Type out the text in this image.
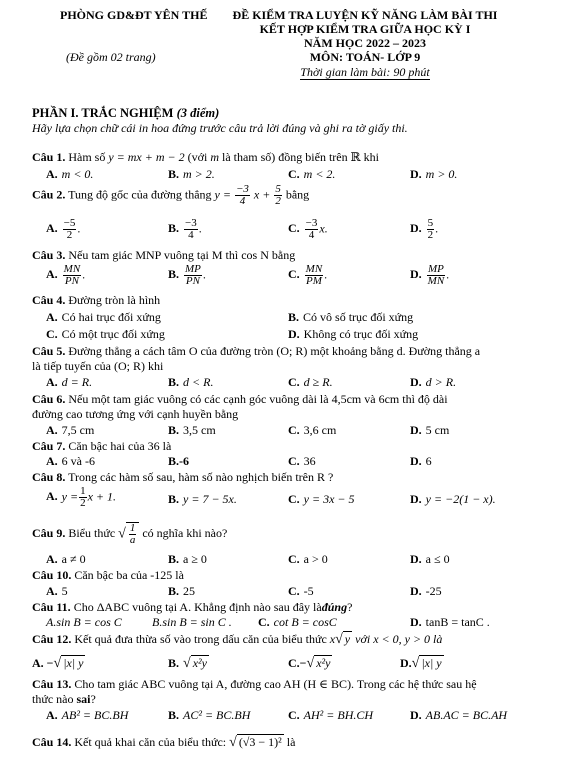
PHÒNG GD&ĐT YÊN THẾ
(Đề gồm 02 trang)
ĐỀ KIỂM TRA LUYỆN KỸ NĂNG LÀM BÀI THI
KẾT HỢP KIỂM TRA GIỮA HỌC KỲ I
NĂM HỌC 2022 – 2023
MÔN: TOÁN- LỚP 9
Thời gian làm bài: 90 phút
PHẦN I. TRẮC NGHIỆM (3 điểm)
Hãy lựa chọn chữ cái in hoa đứng trước câu trả lời đúng và ghi ra tờ giấy thi.
Câu 1. Hàm số y = mx + m − 2 (với m là tham số) đồng biến trên ℝ khi
A. m < 0.	B. m > 2.	C. m < 2.	D. m > 0.
Câu 2. Tung độ gốc của đường thẳng $y = \frac{-3}{4}$ $x + \frac{5}{2}$ bằng
A. $\frac{-5}{2}$ .	B. $\frac{-3}{4}$ .	C. $\frac{-3}{4} x$.	D. $\frac{5}{2}$ .
Câu 3. Nếu tam giác MNP vuông tại M thì cos N bằng
A. $\frac{MN}{PN}$ .	B. $\frac{MP}{PN}$ .	C. $\frac{MN}{PM}$ .	D. $\frac{MP}{MN}$ .
Câu 4. Đường tròn là hình
A. Có hai trục đối xứng	B. Có vô số trục đối xứng
C. Có một trục đối xứng	D. Không có trục đối xứng
Câu 5. Đường thẳng a cách tâm O của đường tròn (O; R) một khoảng bằng d. Đường thẳng a
là tiếp tuyến của (O; R) khi
A. d = R.	B. d < R.	C. d ≥ R.	D. d > R.
Câu 6. Nếu một tam giác vuông có các cạnh góc vuông dài là 4,5cm và 6cm thì độ dài
đường cao tương ứng với cạnh huyền bằng
A. 7,5 cm	B. 3,5 cm	C. 3,6 cm	D. 5 cm
Câu 7. Căn bậc hai của 36 là
A. 6 và -6	B.-6	C. 36	D. 6
Câu 8. Trong các hàm số sau, hàm số nào nghịch biến trên R ?
A. $y = \frac{1}{2}$ x + 1.	B. y = 7 − 5x.	C. y = 3x − 5	D. y = −2(1 − x).
Câu 9. Biểu thức √ $\frac{1}{a}$ có nghĩa khi nào?
A. a ≠ 0	B. a ≥ 0	C. a > 0	D. a ≤ 0
Câu 10. Căn bậc ba của -125 là
A. 5	B. 25	C. -5	D. -25
Câu 11. Cho ΔABC vuông tại A. Khẳng định nào sau đây làđúng?
A.sin B = cos C	B.sin B = sin C . C. cot B = cosC	D. tanB = tanC .
Câu 12. Kết quả đưa thừa số vào trong dấu căn của biểu thức x√ y với x < 0, y > 0 là
A. −√ |x| y	B. √ x²y	C.−√ x²y	D.√ |x| y
Câu 13. Cho tam giác ABC vuông tại A, đường cao AH (H ∈ BC). Trong các hệ thức sau hệ
thức nào sai?
A. AB² = BC.BH	B. AC² = BC.BH	C. AH² = BH.CH	D. AB.AC = BC.AH
Câu 14. Kết quả khai căn của biểu thức: √ (√3 − 1)² là
